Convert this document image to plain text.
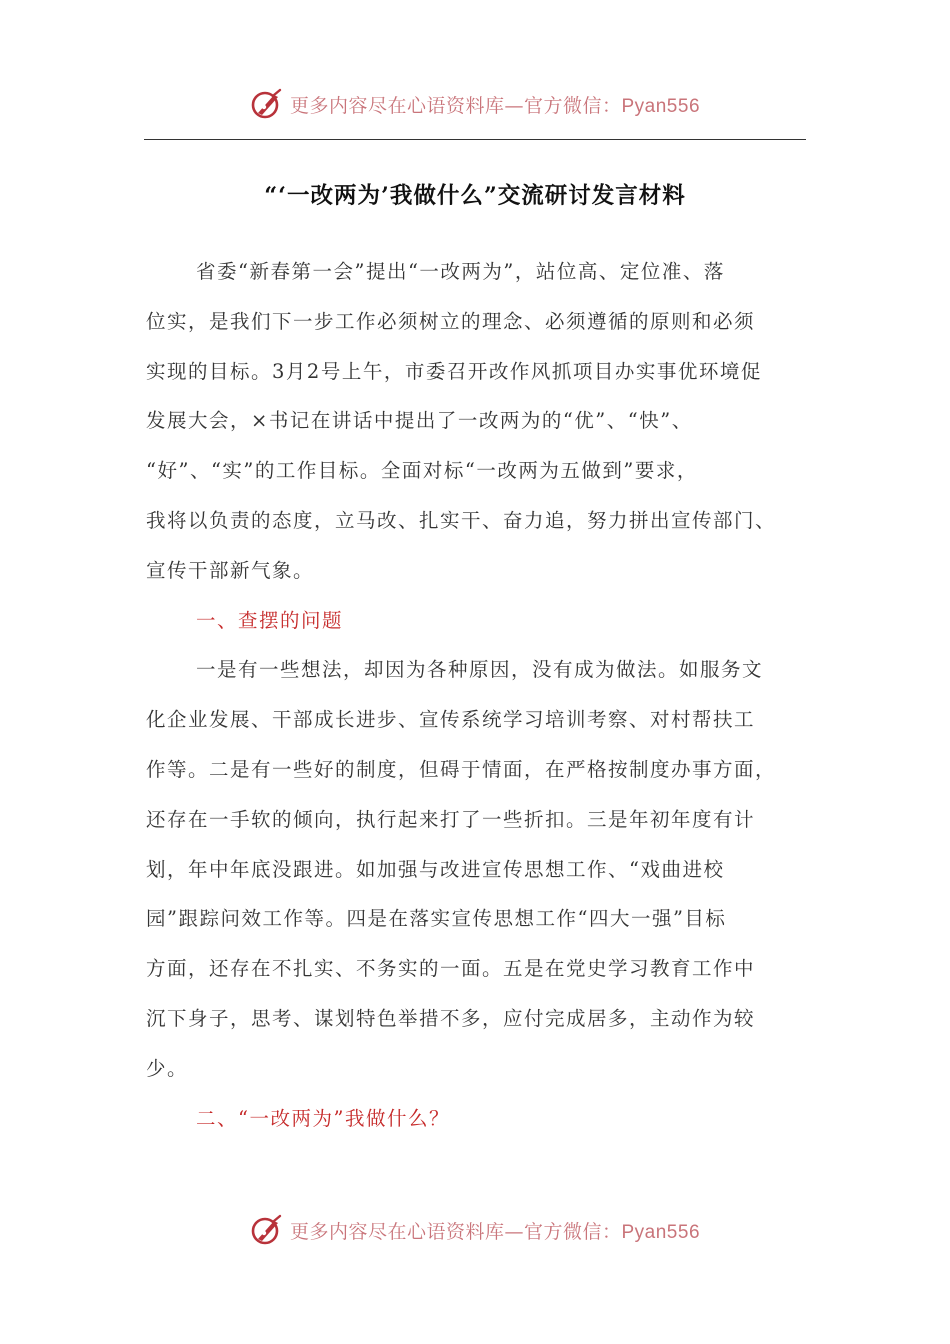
更多内容尽在心语资料库—官方微信：Pyan556
“‘一改两为’我做什么”交流研讨发言材料
省委“新春第一会”提出“一改两为”，站位高、定位准、落
位实，是我们下一步工作必须树立的理念、必须遵循的原则和必须
实现的目标。3月2号上午，市委召开改作风抓项目办实事优环境促
发展大会，×书记在讲话中提出了一改两为的“优”、“快”、
“好”、“实”的工作目标。全面对标“一改两为五做到”要求，
我将以负责的态度，立马改、扎实干、奋力追，努力拼出宣传部门、
宣传干部新气象。
一、查摆的问题
一是有一些想法，却因为各种原因，没有成为做法。如服务文
化企业发展、干部成长进步、宣传系统学习培训考察、对村帮扶工
作等。二是有一些好的制度，但碍于情面，在严格按制度办事方面，
还存在一手软的倾向，执行起来打了一些折扣。三是年初年度有计
划，年中年底没跟进。如加强与改进宣传思想工作、“戏曲进校
园”跟踪问效工作等。四是在落实宣传思想工作“四大一强”目标
方面，还存在不扎实、不务实的一面。五是在党史学习教育工作中
沉下身子，思考、谋划特色举措不多，应付完成居多，主动作为较
少。
二、“一改两为”我做什么？
更多内容尽在心语资料库—官方微信：Pyan556
